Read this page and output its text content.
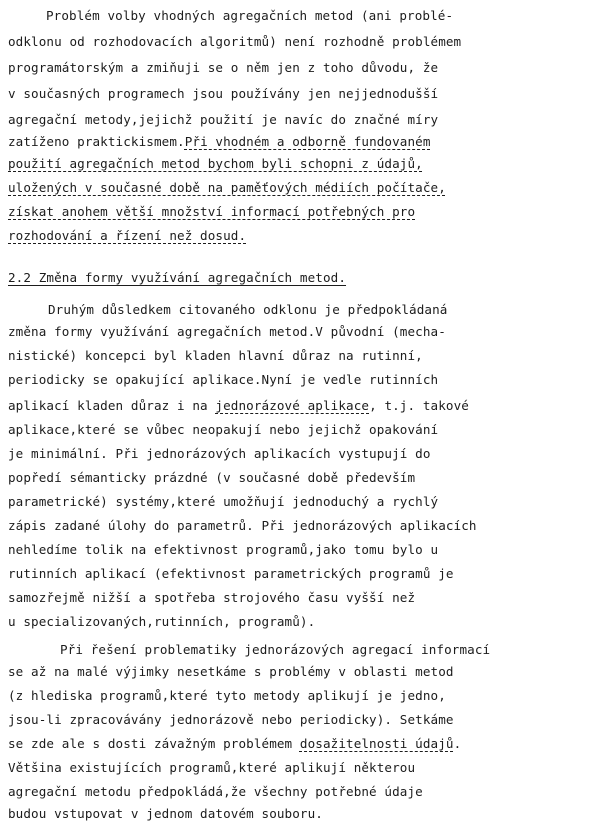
Problém volby vhodných agregačních metod (ani problé-
odklonu od rozhodovacích algoritmů) není rozhodně problémem
programátorským a zmiňuji se o něm jen z toho důvodu, že
v současných programech jsou používány jen nejjednodušší
agregační metody,jejichž použití je navíc do značné míry
zatíženo praktickismem.Při vhodném a odborně fundovaném
použití agregačních metod bychom byli schopni z údajů,
uložených v současné době na paměťových médiích počítače,
získat anohem větší množství informací potřebných pro
rozhodování a řízení než dosud.
2.2 Změna formy využívání agregačních metod.
Druhým důsledkem citovaného odklonu je předpokládaná
změna formy využívání agregačních metod.V původní (mecha-
nistické) koncepci byl kladen hlavní důraz na rutinní,
periodicky se opakující aplikace.Nyní je vedle rutinních
aplikací kladen důraz i na jednorázové aplikace, t.j. takové
aplikace,které se vůbec neopakují nebo jejichž opakování
je minimální. Při jednorázových aplikacích vystupují do
popředí sémanticky prázdné (v současné době především
parametrické) systémy,které umožňují jednoduchý a rychlý
zápis zadané úlohy do parametrů. Při jednorázových aplikacích
nehledíme tolik na efektivnost programů,jako tomu bylo u
rutinních aplikací (efektivnost parametrických programů je
samozřejmě nižší a spotřeba strojového času vyšší než
u specializovaných,rutinních, programů).
Při řešení problematiky jednorázových agregací informací
se až na malé výjimky nesetkáme s problémy v oblasti metod
(z hlediska programů,které tyto metody aplikují je jedno,
jsou-li zpracovávány jednorázově nebo periodicky). Setkáme
se zde ale s dosti závažným problémem dosažitelnosti údajů.
Většina existujících programů,které aplikují některou
agregační metodu předpokládá,že všechny potřebné údaje
budou vstupovat v jednom datovém souboru.
